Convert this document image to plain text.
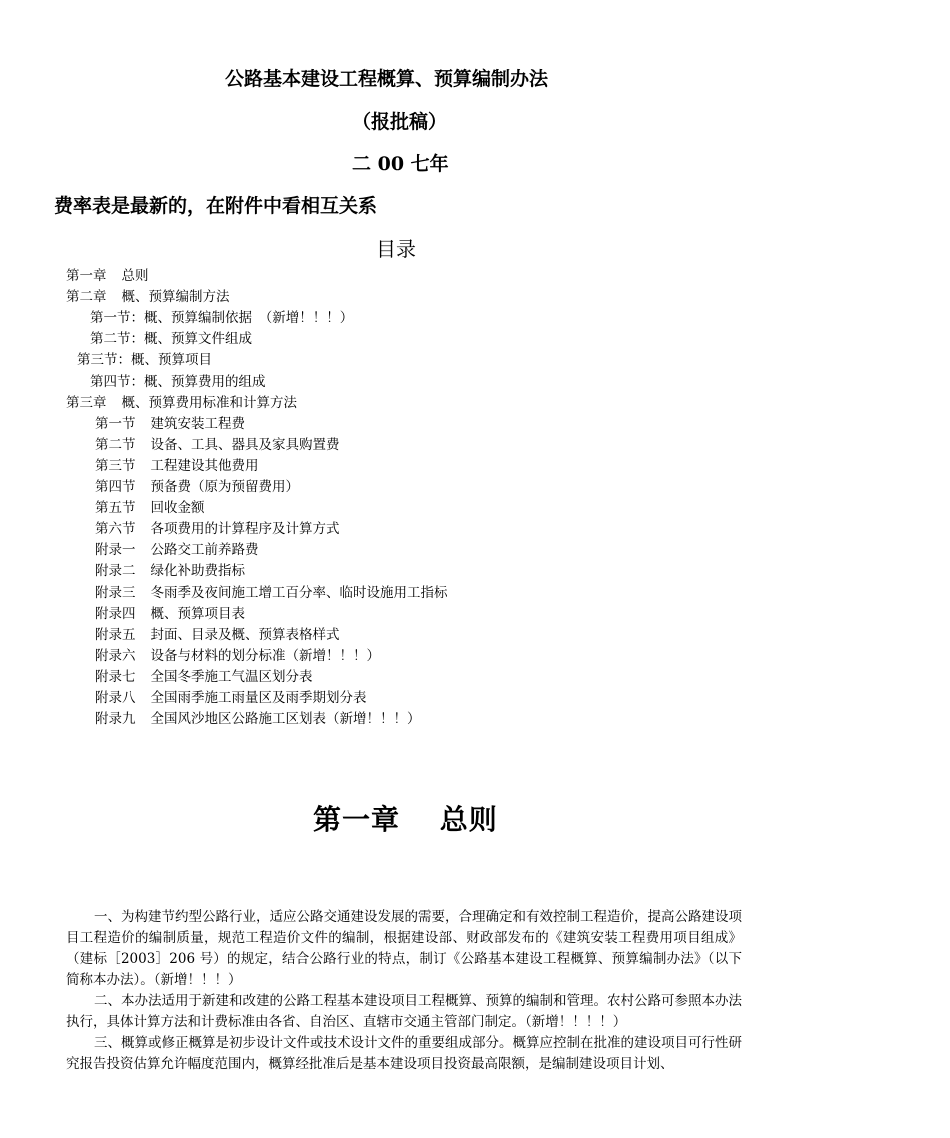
公路基本建设工程概算、预算编制办法
（报批稿）
二 00 七年
费率表是最新的，在附件中看相互关系
目录
第一章 总则
第二章 概、预算编制方法
第一节：概、预算编制依据　（新增！！！）
第二节：概、预算文件组成
第三节：概、预算项目
第四节：概、预算费用的组成
第三章 概、预算费用标准和计算方法
第一节 建筑安装工程费
第二节 设备、工具、器具及家具购置费
第三节 工程建设其他费用
第四节 预备费（原为预留费用）
第五节 回收金额
第六节 各项费用的计算程序及计算方式
附录一 公路交工前养路费
附录二 绿化补助费指标
附录三 冬雨季及夜间施工增工百分率、临时设施用工指标
附录四 概、预算项目表
附录五 封面、目录及概、预算表格样式
附录六 设备与材料的划分标准（新增！！！）
附录七 全国冬季施工气温区划分表
附录八 全国雨季施工雨量区及雨季期划分表
附录九 全国风沙地区公路施工区划表（新增！！！）
第一章　 总则
一、为构建节约型公路行业，适应公路交通建设发展的需要，合理确定和有效控制工程造价，提高公路建设项目工程造价的编制质量，规范工程造价文件的编制，根据建设部、财政部发布的《建筑安装工程费用项目组成》（建标［2003］206 号）的规定，结合公路行业的特点，制订《公路基本建设工程概算、预算编制办法》（以下简称本办法）。（新增！！！）
二、本办法适用于新建和改建的公路工程基本建设项目工程概算、预算的编制和管理。农村公路可参照本办法执行，具体计算方法和计费标准由各省、自治区、直辖市交通主管部门制定。（新增！！！！）
三、概算或修正概算是初步设计文件或技术设计文件的重要组成部分。概算应控制在批准的建设项目可行性研究报告投资估算允许幅度范围内，概算经批准后是基本建设项目投资最高限额，是编制建设项目计划、
